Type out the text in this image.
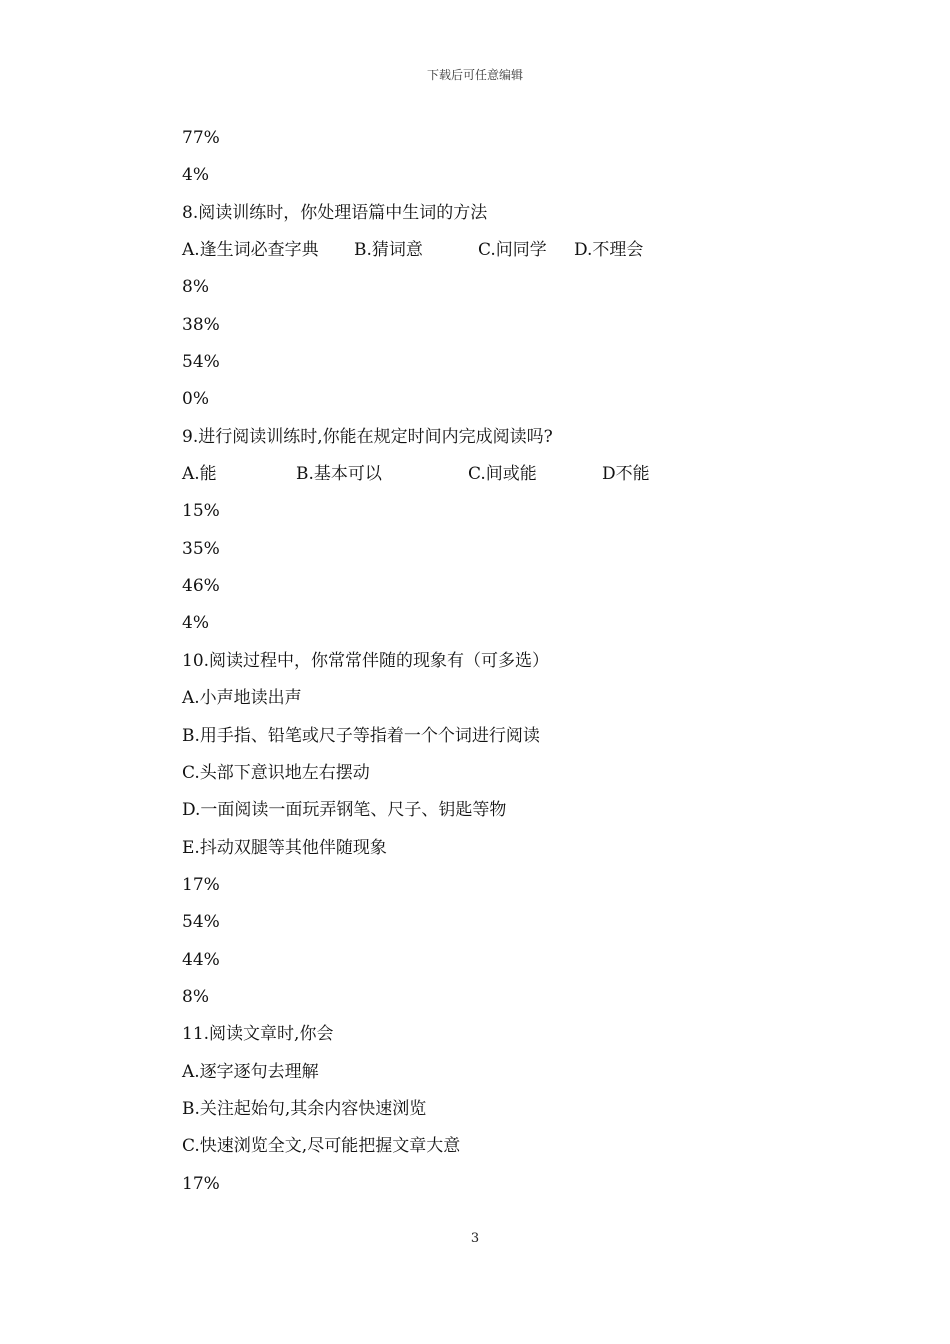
下载后可任意编辑
77%
4%
8.阅读训练时，你处理语篇中生词的方法
A.逢生词必查字典 B.猜词意	C.问同学 D.不理会
8%
38%
54%
0%
9.进行阅读训练时,你能在规定时间内完成阅读吗?
A.能	B.基本可以	C.间或能	D不能
15%
35%
46%
4%
10.阅读过程中，你常常伴随的现象有（可多选）
A.小声地读出声
B.用手指、铅笔或尺子等指着一个个词进行阅读
C.头部下意识地左右摆动
D.一面阅读一面玩弄钢笔、尺子、钥匙等物
E.抖动双腿等其他伴随现象
17%
54%
44%
8%
11.阅读文章时,你会
A.逐字逐句去理解
B.关注起始句,其余内容快速浏览
C.快速浏览全文,尽可能把握文章大意
17%
3
